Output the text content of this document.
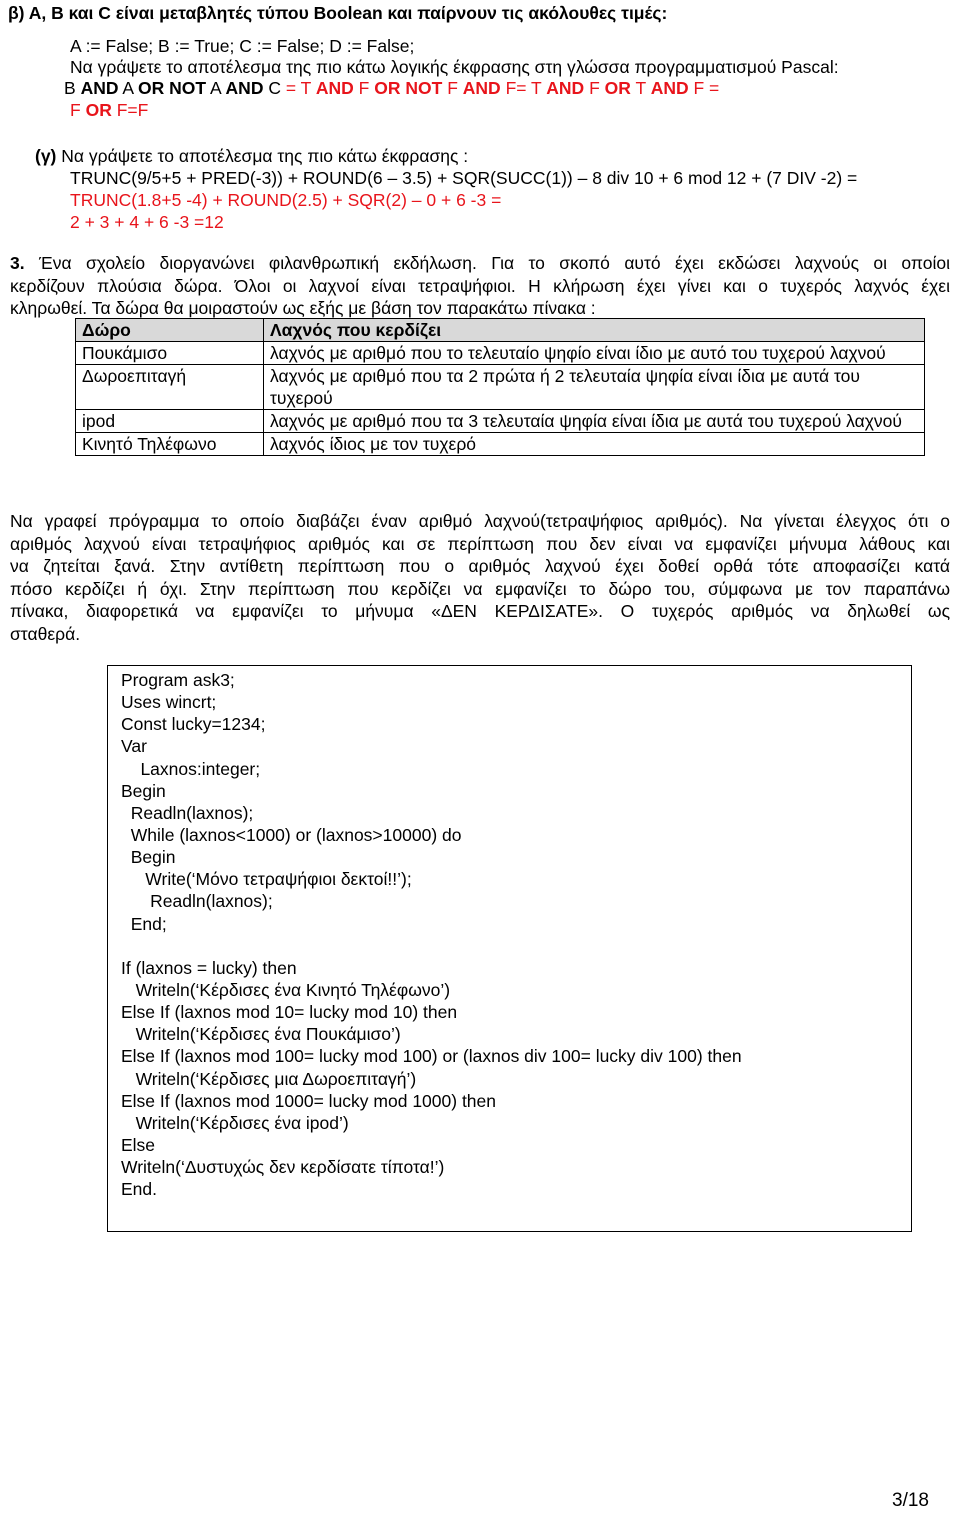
β) Α, Β και C είναι μεταβλητές τύπου Boolean και παίρνουν τις ακόλουθες τιμές:
A := False; B := True; C := False; D := False;
Να γράψετε το αποτέλεσμα της πιο κάτω λογικής έκφρασης στη γλώσσα προγραμματισμού Pascal:
B AND A OR NOT A AND C = T AND F OR NOT F AND F= T AND F OR T AND F =
F OR F=F
(γ) Να γράψετε το αποτέλεσμα της πιο κάτω έκφρασης :
TRUNC(9/5+5 + PRED(-3)) + ROUND(6 – 3.5) + SQR(SUCC(1)) – 8 div 10 + 6 mod 12 + (7 DIV -2) =
TRUNC(1.8+5 -4) + ROUND(2.5) + SQR(2) – 0 + 6 -3 =
2 + 3 + 4 + 6 -3 =12
3. Ένα σχολείο διοργανώνει φιλανθρωπική εκδήλωση. Για το σκοπό αυτό έχει εκδώσει λαχνούς οι οποίοι
κερδίζουν πλούσια δώρα. Όλοι οι λαχνοί είναι τετραψήφιοι. Η κλήρωση έχει γίνει και ο τυχερός λαχνός έχει
κληρωθεί. Τα δώρα θα μοιραστούν ως εξής με βάση τον παρακάτω πίνακα :
Δώρο	Λαχνός που κερδίζει
Πουκάμισο	λαχνός με αριθμό που το τελευταίο ψηφίο είναι ίδιο με αυτό του τυχερού λαχνού
Δωροεπιταγή	λαχνός με αριθμό που τα 2 πρώτα ή 2 τελευταία ψηφία είναι ίδια με αυτά του τυχερού
ipod	λαχνός με αριθμό που τα 3 τελευταία ψηφία είναι ίδια με αυτά του τυχερού λαχνού
Κινητό Τηλέφωνο	λαχνός ίδιος με τον τυχερό
Να γραφεί πρόγραμμα το οποίο διαβάζει έναν αριθμό λαχνού(τετραψήφιος αριθμός). Να γίνεται έλεγχος ότι ο
αριθμός λαχνού είναι τετραψήφιος αριθμός και σε περίπτωση που δεν είναι να εμφανίζει μήνυμα λάθους και
να ζητείται ξανά. Στην αντίθετη περίπτωση που ο αριθμός λαχνού έχει δοθεί ορθά τότε αποφασίζει κατά
πόσο κερδίζει ή όχι. Στην περίπτωση που κερδίζει να εμφανίζει το δώρο του, σύμφωνα με τον παραπάνω
πίνακα, διαφορετικά να εμφανίζει το μήνυμα «ΔΕΝ ΚΕΡΔΙΣΑΤΕ». Ο τυχερός αριθμός να δηλωθεί ως
σταθερά.
Program ask3;
Uses wincrt;
Const lucky=1234;
Var
Laxnos:integer;
Begin
Readln(laxnos);
While (laxnos<1000) or (laxnos>10000) do
Begin
Write(‘Μόνο τετραψήφιοι δεκτοί!!’);
Readln(laxnos);
End;
If (laxnos = lucky) then
Writeln(‘Κέρδισες ένα Κινητό Τηλέφωνο’)
Else If (laxnos mod 10= lucky mod 10) then
Writeln(‘Κέρδισες ένα Πουκάμισο’)
Else If (laxnos mod 100= lucky mod 100) or (laxnos div 100= lucky div 100) then
Writeln(‘Κέρδισες μια Δωροεπιταγή’)
Else If (laxnos mod 1000= lucky mod 1000) then
Writeln(‘Κέρδισες ένα ipod’)
Else
Writeln(‘Δυστυχώς δεν κερδίσατε τίποτα!’)
End.
3/18
